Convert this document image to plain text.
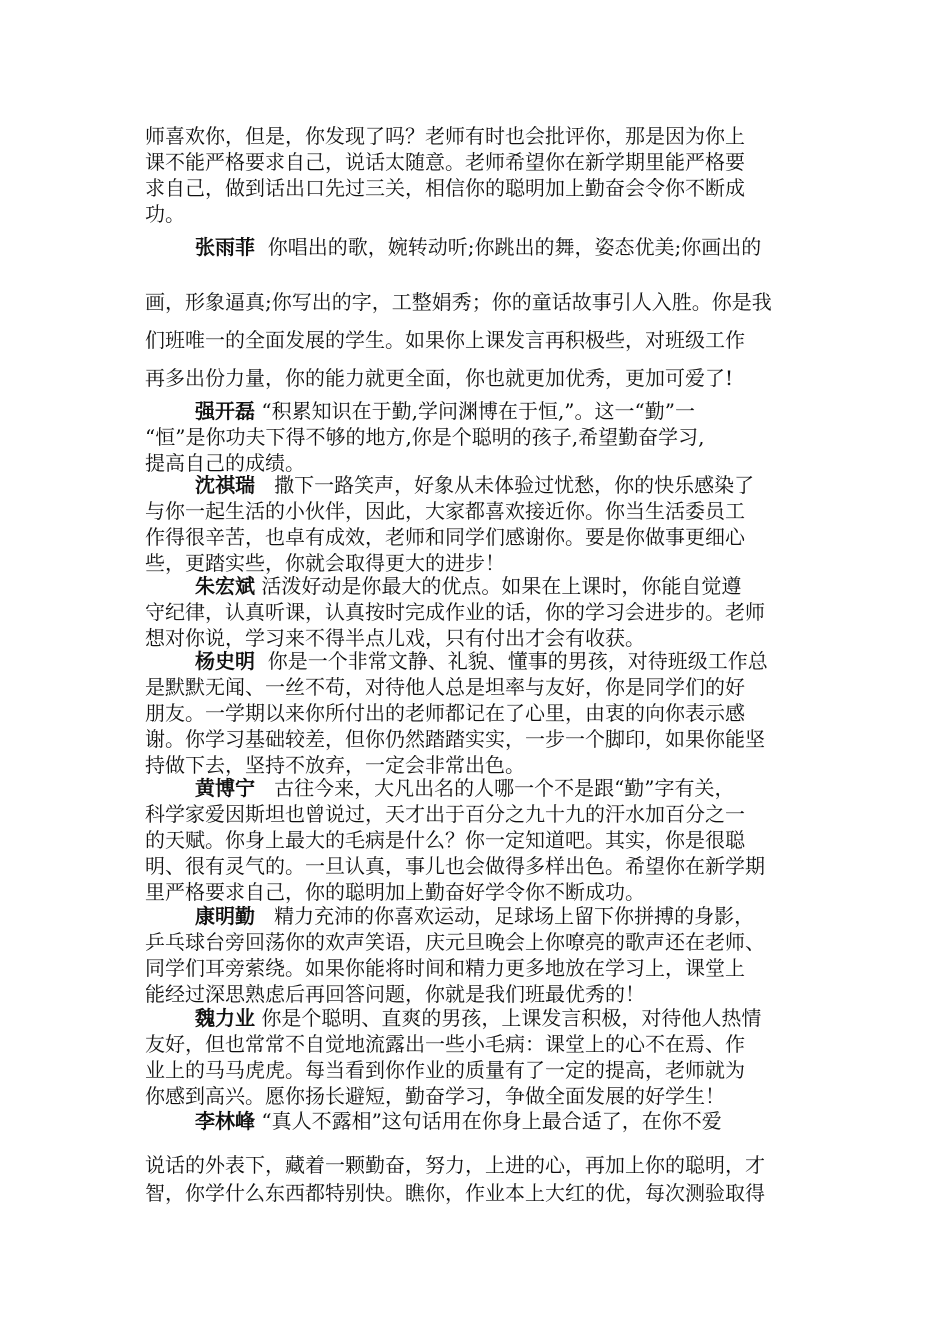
师喜欢你，但是，你发现了吗？老师有时也会批评你，那是因为你上
课不能严格要求自己，说话太随意。老师希望你在新学期里能严格要
求自己，做到话出口先过三关，相信你的聪明加上勤奋会令你不断成
功。
张雨菲 你唱出的歌，婉转动听;你跳出的舞，姿态优美;你画出的
画，形象逼真;你写出的字，工整娟秀；你的童话故事引人入胜。你是我
们班唯一的全面发展的学生。如果你上课发言再积极些，对班级工作
再多出份力量，你的能力就更全面，你也就更加优秀，更加可爱了!
强开磊 “积累知识在于勤,学问渊博在于恒,”。这一“勤”一
“恒”是你功夫下得不够的地方,你是个聪明的孩子,希望勤奋学习,
提高自己的成绩。
沈祺瑞 撒下一路笑声，好象从未体验过忧愁，你的快乐感染了
与你一起生活的小伙伴，因此，大家都喜欢接近你。你当生活委员工
作得很辛苦，也卓有成效，老师和同学们感谢你。要是你做事更细心
些，更踏实些，你就会取得更大的进步！
朱宏斌 活泼好动是你最大的优点。如果在上课时，你能自觉遵
守纪律，认真听课，认真按时完成作业的话，你的学习会进步的。老师
想对你说，学习来不得半点儿戏，只有付出才会有收获。
杨史明 你是一个非常文静、礼貌、懂事的男孩，对待班级工作总
是默默无闻、一丝不苟，对待他人总是坦率与友好，你是同学们的好
朋友。一学期以来你所付出的老师都记在了心里，由衷的向你表示感
谢。你学习基础较差，但你仍然踏踏实实，一步一个脚印，如果你能坚
持做下去，坚持不放弃，一定会非常出色。
黄博宁 古往今来，大凡出名的人哪一个不是跟“勤”字有关，
科学家爱因斯坦也曾说过，天才出于百分之九十九的汗水加百分之一
的天赋。你身上最大的毛病是什么？你一定知道吧。其实，你是很聪
明、很有灵气的。一旦认真，事儿也会做得多样出色。希望你在新学期
里严格要求自己，你的聪明加上勤奋好学令你不断成功。
康明勤 精力充沛的你喜欢运动，足球场上留下你拼搏的身影，
乒乓球台旁回荡你的欢声笑语，庆元旦晚会上你嘹亮的歌声还在老师、
同学们耳旁萦绕。如果你能将时间和精力更多地放在学习上，课堂上
能经过深思熟虑后再回答问题，你就是我们班最优秀的！
魏力业 你是个聪明、直爽的男孩，上课发言积极，对待他人热情
友好，但也常常不自觉地流露出一些小毛病：课堂上的心不在焉、作
业上的马马虎虎。每当看到你作业的质量有了一定的提高，老师就为
你感到高兴。愿你扬长避短，勤奋学习，争做全面发展的好学生！
李林峰 “真人不露相”这句话用在你身上最合适了，在你不爱
说话的外表下，藏着一颗勤奋，努力，上进的心，再加上你的聪明，才
智，你学什么东西都特别快。瞧你，作业本上大红的优，每次测验取得
